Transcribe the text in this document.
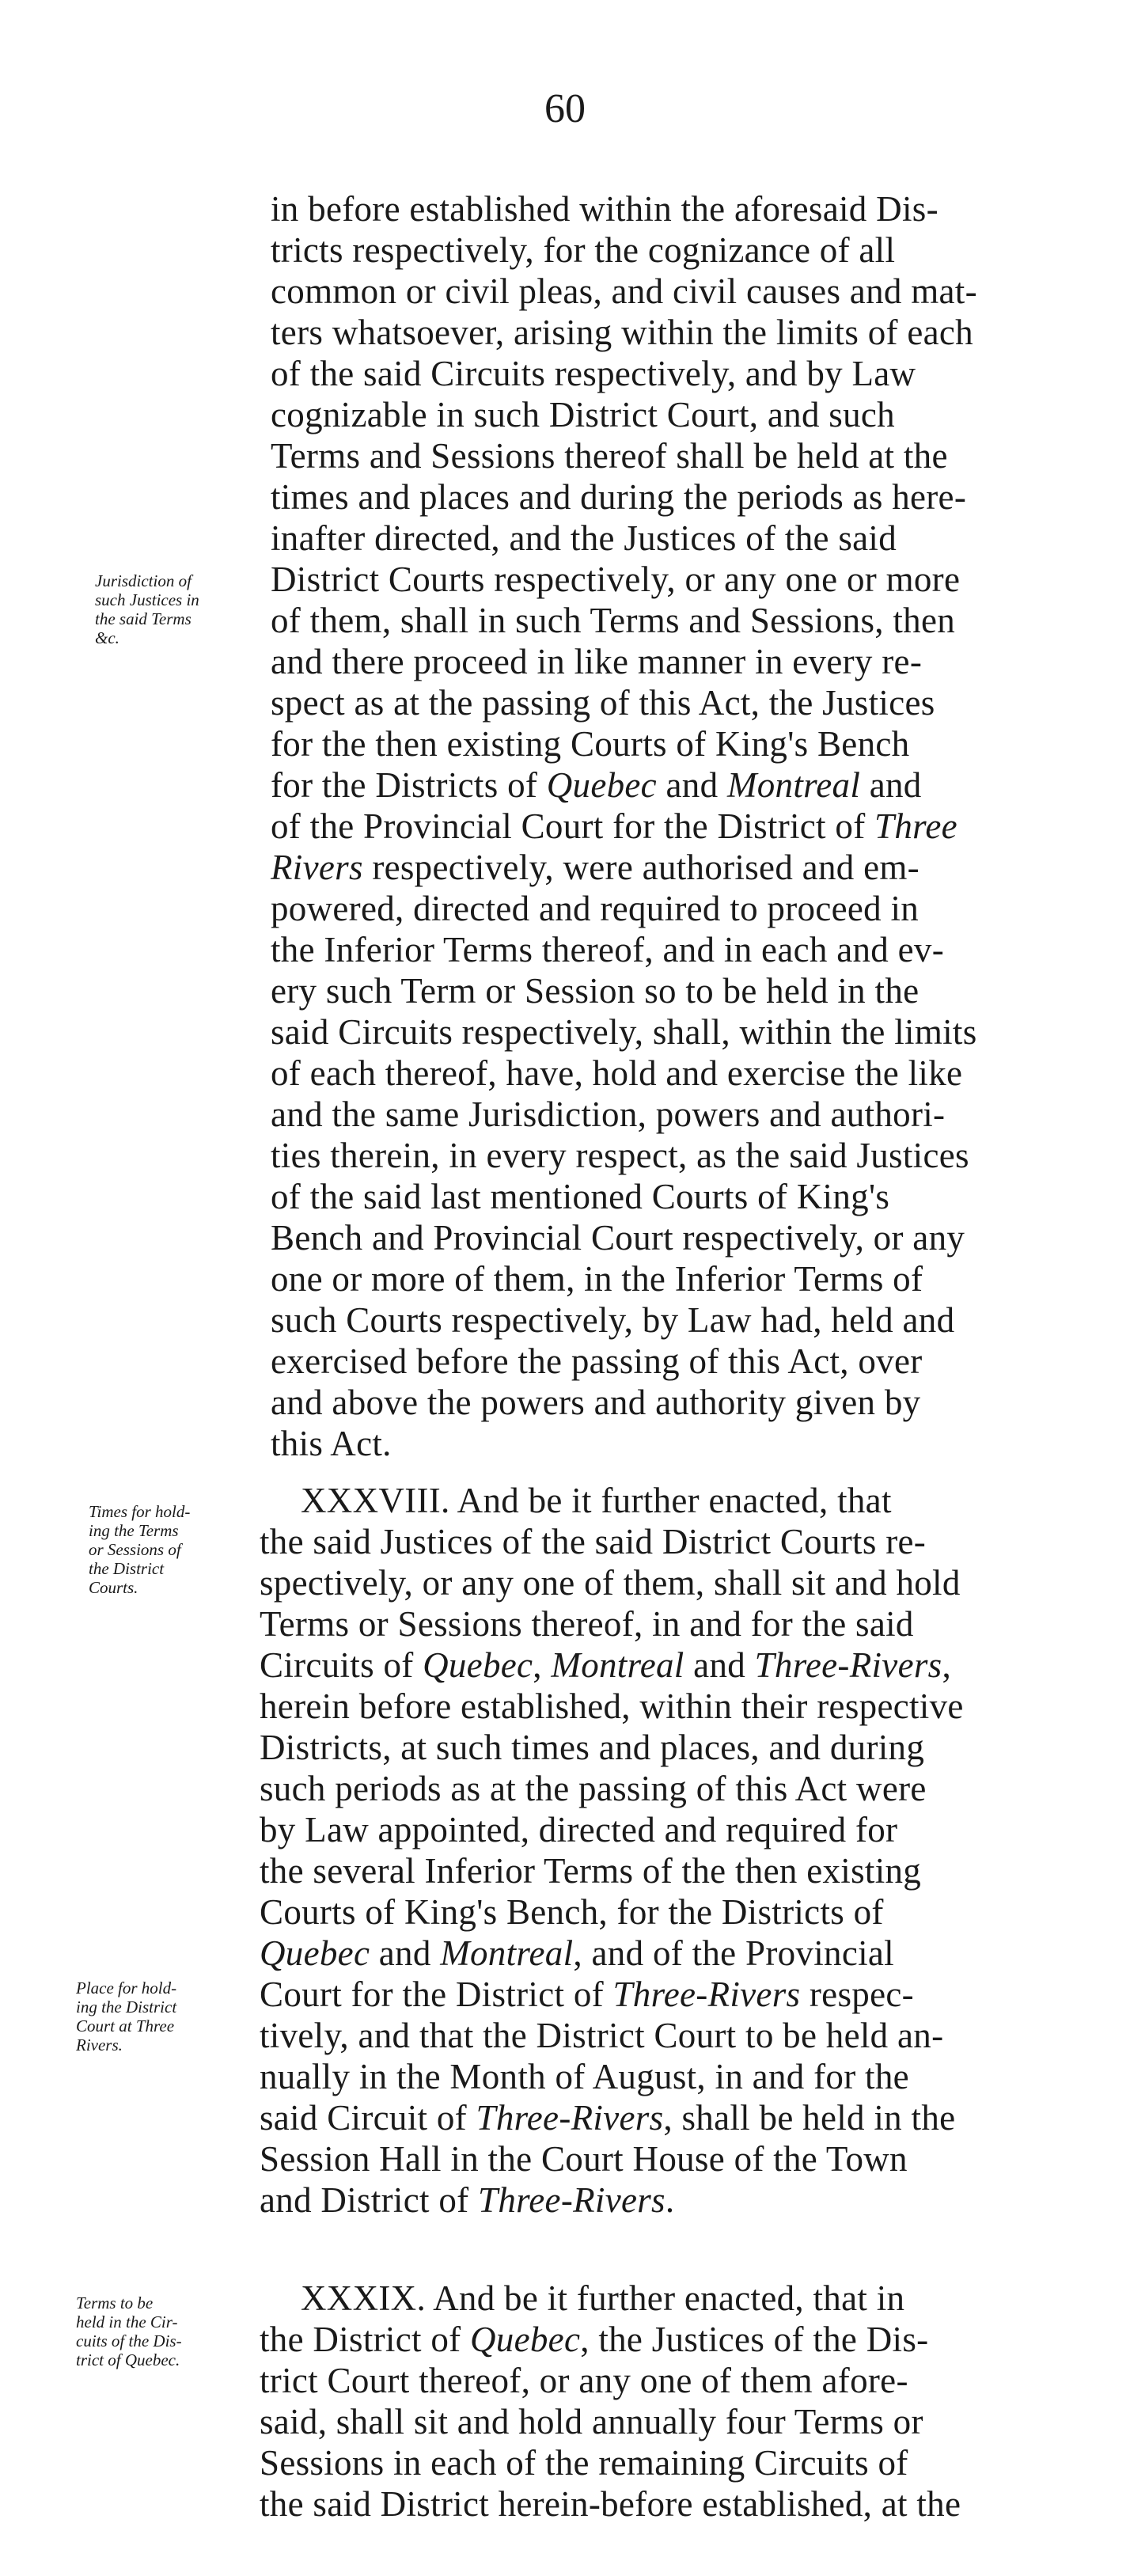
60
in before established within the aforesaid Dis-
tricts respectively, for the cognizance of all
common or civil pleas, and civil causes and mat-
ters whatsoever, arising within the limits of each
of the said Circuits respectively, and by Law
cognizable in such District Court, and such
Terms and Sessions thereof shall be held at the
times and places and during the periods as here-
inafter directed, and the Justices of the said
District Courts respectively, or any one or more
of them, shall in such Terms and Sessions, then
and there proceed in like manner in every re-
spect as at the passing of this Act, the Justices
for the then existing Courts of King's Bench
for the Districts of Quebec and Montreal and
of the Provincial Court for the District of Three
Rivers respectively, were authorised and em-
powered, directed and required to proceed in
the Inferior Terms thereof, and in each and ev-
ery such Term or Session so to be held in the
said Circuits respectively, shall, within the limits
of each thereof, have, hold and exercise the like
and the same Jurisdiction, powers and authori-
ties therein, in every respect, as the said Justices
of the said last mentioned Courts of King's
Bench and Provincial Court respectively, or any
one or more of them, in the Inferior Terms of
such Courts respectively, by Law had, held and
exercised before the passing of this Act, over
and above the powers and authority given by
this Act.
XXXVIII. And be it further enacted, that
the said Justices of the said District Courts re-
spectively, or any one of them, shall sit and hold
Terms or Sessions thereof, in and for the said
Circuits of Quebec, Montreal and Three-Rivers,
herein before established, within their respective
Districts, at such times and places, and during
such periods as at the passing of this Act were
by Law appointed, directed and required for
the several Inferior Terms of the then existing
Courts of King's Bench, for the Districts of
Quebec and Montreal, and of the Provincial
Court for the District of Three-Rivers respec-
tively, and that the District Court to be held an-
nually in the Month of August, in and for the
said Circuit of Three-Rivers, shall be held in the
Session Hall in the Court House of the Town
and District of Three-Rivers.
XXXIX. And be it further enacted, that in
the District of Quebec, the Justices of the Dis-
trict Court thereof, or any one of them afore-
said, shall sit and hold annually four Terms or
Sessions in each of the remaining Circuits of
the said District herein-before established, at the
Jurisdiction of
such Justices in
the said Terms
&c.
Times for hold-
ing the Terms
or Sessions of
the District
Courts.
Place for hold-
ing the District
Court at Three
Rivers.
Terms to be
held in the Cir-
cuits of the Dis-
trict of Quebec.
